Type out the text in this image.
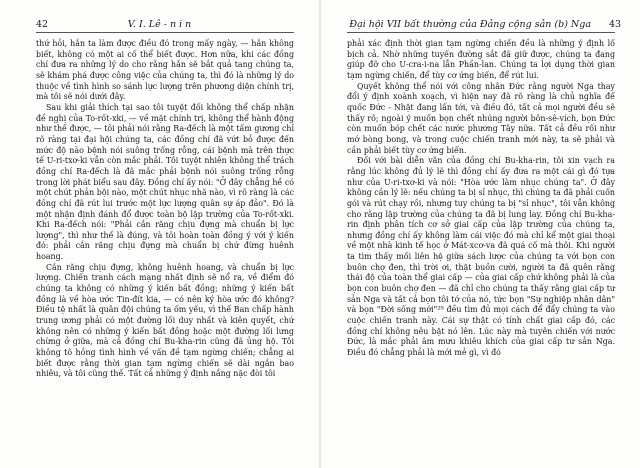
42	V. I. Lê - n i n

thứ hỏi, hắn ta làm được điều đó trong mấy ngày, — hắn không biết, không có một ai cố thể biết được. Hơn nữa, khi các đồng chí đưa ra những lý do cho rằng hắn sẽ bắt quả tang chúng ta, sẽ khám phá được công việc của chúng ta, thì đó là những lý do thuộc về tình hình so sánh lực lượng trên phương diện chính trị, mà tôi sẽ nói dưới đây.

Sau khi giải thích tại sao tôi tuyệt đối không thể chấp nhận đề nghị của To-rốt-xki, — về mặt chính trị, không thể hành động như thế được, — tôi phải nói rằng Ra-đếch là một tấm gương chỉ rõ ràng tại đại hội chúng ta, các đồng chí đã vứt bỏ được đến mức độ nào bệnh nói suông trống rỗng, cái bệnh mà trên thực tế U-ri-txơ-ki vẫn còn mắc phải. Tôi tuyệt nhiên không thể trách đồng chí Ra-đếch là đã mắc phải bệnh nói suông trống rỗng trong lời phát biểu sau đây. Đồng chí ấy nói: "Ở đây chẳng hề có một chút phản bội nào, một chút nhục nhã nào, vì rõ ràng là các đồng chí đã rút lui trước một lực lượng quân sự áp đảo". Đó là một nhận định đánh đổ được toàn bộ lập trường của To-rốt-xki. Khi Ra-đếch nói: "Phải cắn răng chịu đựng mà chuẩn bị lực lượng", thì như thế là đúng, và tôi hoàn toàn đồng ý với ý kiến đó: phải cắn răng chịu đựng mà chuẩn bị chứ đừng huênh hoang.

Cắn răng chịu đựng, không huênh hoang, và chuẩn bị lực lượng. Chiến tranh cách mạng nhất định sẽ nổ ra, về điểm đó chúng ta không có những ý kiến bất đồng; những ý kiến bất đồng là về hòa ước Tin-đít kia, — có nên ký hòa ước đó không? Điều tệ nhất là quân đội chúng ta ốm yếu, vì thế Ban chấp hành trung ương phải có một đường lối duy nhất và kiên quyết, chứ không nên có những ý kiến bất đồng hoặc một đường lối lưng chừng ở giữa, mà cả đồng chí Bu-kha-rin cũng đã ủng hộ. Tôi không tô hồng tình hình về vấn đề tạm ngừng chiến; chẳng ai biết được rằng thời gian tạm ngừng chiến sẽ dài ngắn bao nhiêu, và tôi cũng thế. Tất cả những ý định nắng nặc đòi tôi

Đại hội VII bất thường của Đảng cộng sản (b) Nga 43

phải xác định thời gian tạm ngừng chiến đều là những ý định lố bịch cả. Nhờ những tuyến đường sắt đã giữ được, chúng ta đang giúp đỡ cho U-cra-i-na lẫn Phần-lan. Chúng ta lợi dụng thời gian tạm ngừng chiến, để tùy cơ ứng biến, để rút lui.

Quyết không thể nói với công nhân Đức rằng người Nga thay đổi ý định xoành xoạch, vì hiện nay đã rõ ràng là chủ nghĩa đế quốc Đức - Nhật đang lấn tới, và điều đó, tất cả mọi người đều sẽ thấy rõ; ngoài ý muốn bọn chết nhúng người bôn-sê-vích, bọn Đức còn muốn bóp chết các nước phương Tây nữa. Tất cả đều rối như mớ bòng bong, và trong cuộc chiến tranh mới này, ta sẽ phải và cần phải biết tùy cơ ứng biến.

Đối với bài diễn văn của đồng chí Bu-kha-rin, tôi xin vạch ra rằng lúc không đủ lý lẽ thì đồng chí ấy đưa ra một cái gì đó tựa như của U-ri-txơ-ki và nói: "Hòa ước làm nhục chúng ta". Ở đây không cần lý lẽ: nếu chúng ta bị sỉ nhục, thì chúng ta đã phải cuốn gói và rút chạy rồi, nhưng tuy chúng ta bị "sỉ nhục", tôi vẫn không cho rằng lập trường của chúng ta đã bị lung lay. Đồng chí Bu-kha-rin định phân tích cơ sở giai cấp của lập trường của chúng ta, nhưng đồng chí ấy không làm cái việc đó mà chỉ kể một giai thoại về một nhà kinh tế học ở Mát-xcơ-va đã quá cố mà thôi. Khi người ta tìm thấy mối liên hệ giữa sách lược của chúng ta với bọn con buôn chợ đen, thì trời ơi, thật buồn cười, người ta đã quên rằng thái độ của toàn thể giai cấp — của giai cấp chứ không phải là của bọn con buôn chợ đen — đã chỉ cho chúng ta thấy rằng giai cấp tư sản Nga và tất cả bọn tôi tớ của nó, tức bọn "Sự nghiệp nhân dân" và bọn "Đời sống mới"²⁹ đều tìm đủ mọi cách để đẩy chúng ta vào cuộc chiến tranh này. Cái sự thật có tính chất giai cấp đó, các đồng chí không nêu bật nó lên. Lúc này mà tuyên chiến với nước Đức, là mắc phải âm mưu khiêu khích của giai cấp tư sản Nga. Điều đó chẳng phải là mới mẻ gì, vì đó
